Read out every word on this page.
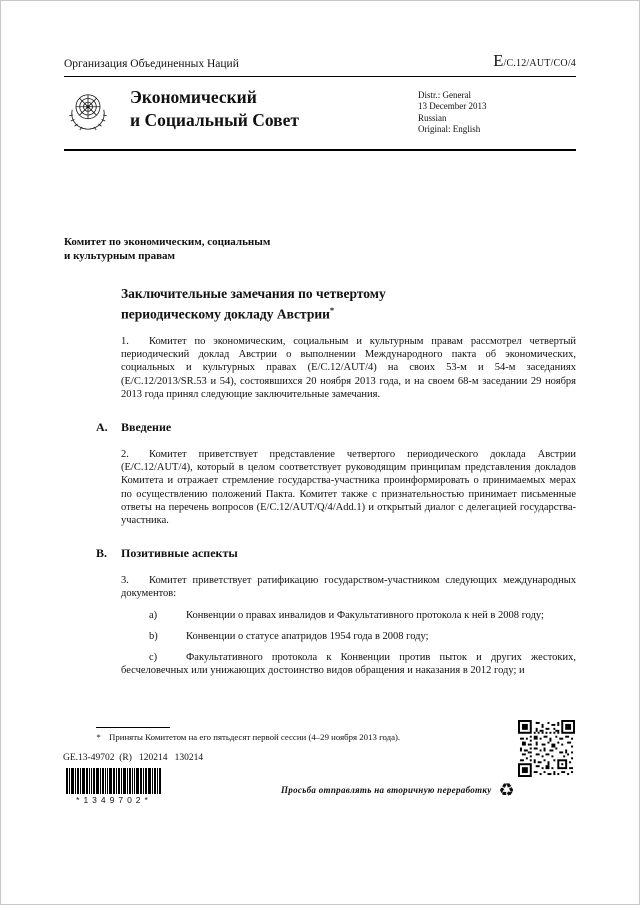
Организация Объединенных Наций	E/C.12/AUT/CO/4
Экономический
и Социальный Совет
Distr.: General
13 December 2013
Russian
Original: English
Комитет по экономическим, социальным
и культурным правам
Заключительные замечания по четвертому
периодическому докладу Австрии*

1. Комитет по экономическим, социальным и культурным правам рассмотрел четвертый периодический доклад Австрии о выполнении Международного пакта об экономических, социальных и культурных правах (E/C.12/AUT/4) на своих 53-м и 54-м заседаниях (E/C.12/2013/SR.53 и 54), состоявшихся 20 ноября 2013 года, и на своем 68-м заседании 29 ноября 2013 года принял следующие заключительные замечания.

A.	Введение

2. Комитет приветствует представление четвертого периодического доклада Австрии (E/C.12/AUT/4), который в целом соответствует руководящим принципам представления докладов Комитета и отражает стремление государства-участника проинформировать о принимаемых мерах по осуществлению положений Пакта. Комитет также с признательностью принимает письменные ответы на перечень вопросов (E/C.12/AUT/Q/4/Add.1) и открытый диалог с делегацией государства-участника.

B.	Позитивные аспекты

3. Комитет приветствует ратификацию государством-участником следующих международных документов:

a)	Конвенции о правах инвалидов и Факультативного протокола к ней в 2008 году;

b)	Конвенции о статусе апатридов 1954 года в 2008 году;

c)	Факультативного протокола к Конвенции против пыток и других жестоких, бесчеловечных или унижающих достоинство видов обращения и наказания в 2012 году; и

* Приняты Комитетом на его пятьдесят первой сессии (4–29 ноября 2013 года).
GE.13-49702  (R)   120214   130214
*1349702*
Просьба отправлять на вторичную переработку ♻
